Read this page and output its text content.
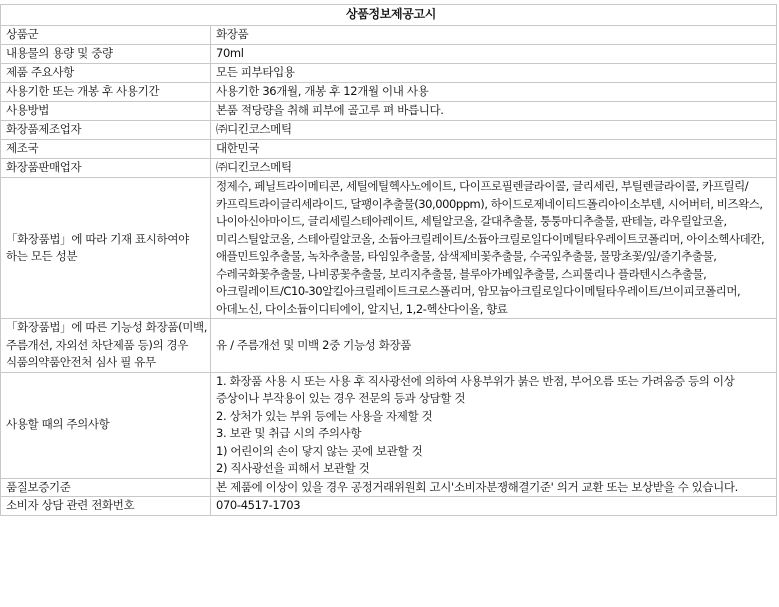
상품정보제공고시	
상품군	화장품
내용물의 용량 및 중량	70ml
제품 주요사항	모든 피부타입용
사용기한 또는 개봉 후 사용기간	사용기한 36개월, 개봉 후 12개월 이내 사용
사용방법	본품 적당량을 취해 피부에 골고루 펴 바릅니다.
화장품제조업자	㈜디킨코스메틱
제조국	대한민국
화장품판매업자	㈜디킨코스메틱
「화장품법」에 따라 기재 표시하여야 하는 모든 성분	정제수, 페닐트라이메티콘, 세틸에틸헥사노에이트, 다이프로필렌글라이콜, 글리세린, 부틸렌글라이콜, 카프릴릭/카프릭트라이글리세라이드, 달팽이추출물(30,000ppm), 하이드로제네이티드폴리아이소부텐, 시어버터, 비즈왁스, 나이아신아마이드, 글리세릴스테아레이트, 세틸알코올, 갈대추출물, 퉁퉁마디추출물, 판테놀, 라우릴알코올, 미리스틸알코올, 스테아릴알코올, 소듐아크릴레이트/소듐아크릴로일다이메틸타우레이트코폴리머, 아이소헥사데칸, 애플민트잎추출물, 녹차추출물, 타임잎추출물, 삼색제비꽃추출물, 수국잎추출물, 물망초꽃/잎/줄기추출물, 수레국화꽃추출물, 나비콩꽃추출물, 보리지추출물, 블루아가베잎추출물, 스피룰리나 플라텐시스추출물, 아크릴레이트/C10-30알킬아크릴레이트크로스폴리머, 암모늄아크릴로일다이메틸타우레이트/브이피코폴리머, 아데노신, 다이소듐이디티에이, 알지닌, 1,2-헥산다이올, 향료
「화장품법」에 따른 기능성 화장품(미백, 주름개선, 자외선 차단제품 등)의 경우 식품의약품안전처 심사 필 유무	유 / 주름개선 및 미백 2중 기능성 화장품
사용할 때의 주의사항	1. 화장품 사용 시 또는 사용 후 직사광선에 의하여 사용부위가 붉은 반점, 부어오름 또는 가려움증 등의 이상 증상이나 부작용이 있는 경우 전문의 등과 상담할 것
2. 상처가 있는 부위 등에는 사용을 자제할 것
3. 보관 및 취급 시의 주의사항
1) 어린이의 손이 닿지 않는 곳에 보관할 것
2) 직사광선을 피해서 보관할 것

품질보증기준	본 제품에 이상이 있을 경우 공정거래위원회 고시'소비자분쟁해결기준' 의거 교환 또는 보상받을 수 있습니다.
소비자 상담 관련 전화번호	070-4517-1703
